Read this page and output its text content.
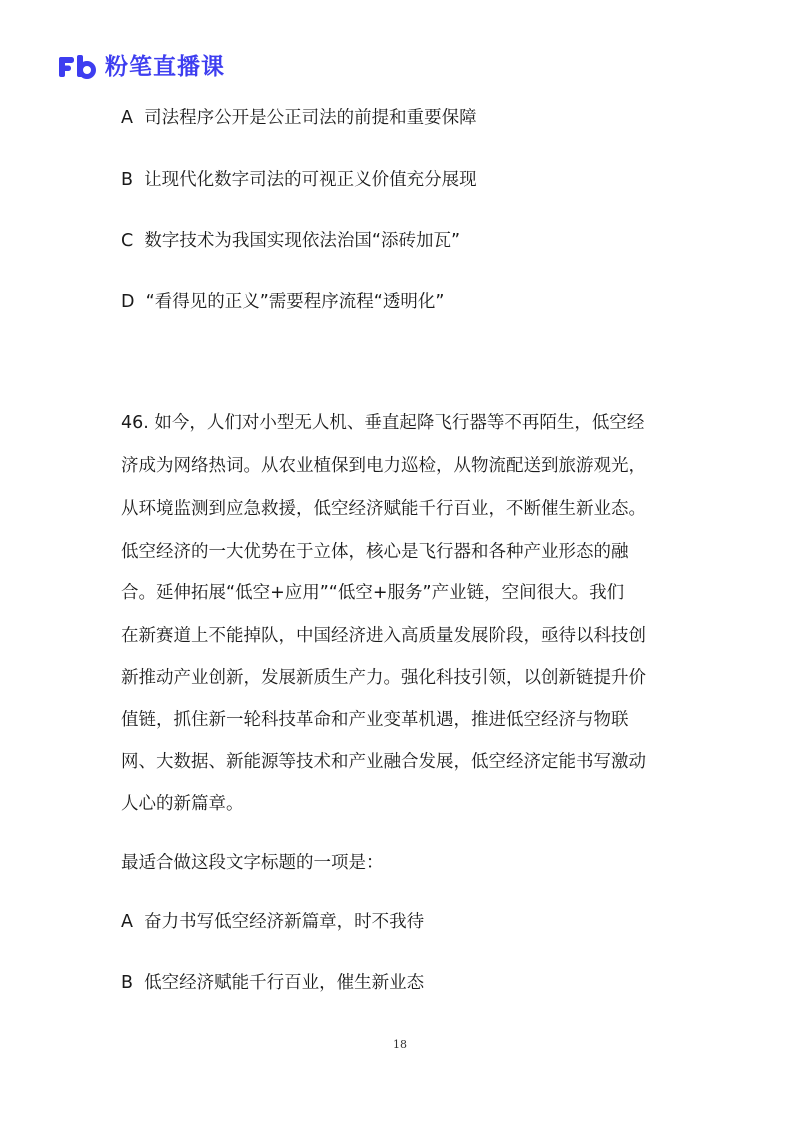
粉笔直播课
A 司法程序公开是公正司法的前提和重要保障
B 让现代化数字司法的可视正义价值充分展现
C 数字技术为我国实现依法治国“添砖加瓦”
D “看得见的正义”需要程序流程“透明化”
46. 如今，人们对小型无人机、垂直起降飞行器等不再陌生，低空经
济成为网络热词。从农业植保到电力巡检，从物流配送到旅游观光，
从环境监测到应急救援，低空经济赋能千行百业，不断催生新业态。
低空经济的一大优势在于立体，核心是飞行器和各种产业形态的融
合。延伸拓展“低空+应用”“低空+服务”产业链，空间很大。我们
在新赛道上不能掉队，中国经济进入高质量发展阶段，亟待以科技创
新推动产业创新，发展新质生产力。强化科技引领，以创新链提升价
值链，抓住新一轮科技革命和产业变革机遇，推进低空经济与物联
网、大数据、新能源等技术和产业融合发展，低空经济定能书写激动
人心的新篇章。
最适合做这段文字标题的一项是：
A 奋力书写低空经济新篇章，时不我待
B 低空经济赋能千行百业，催生新业态
18
